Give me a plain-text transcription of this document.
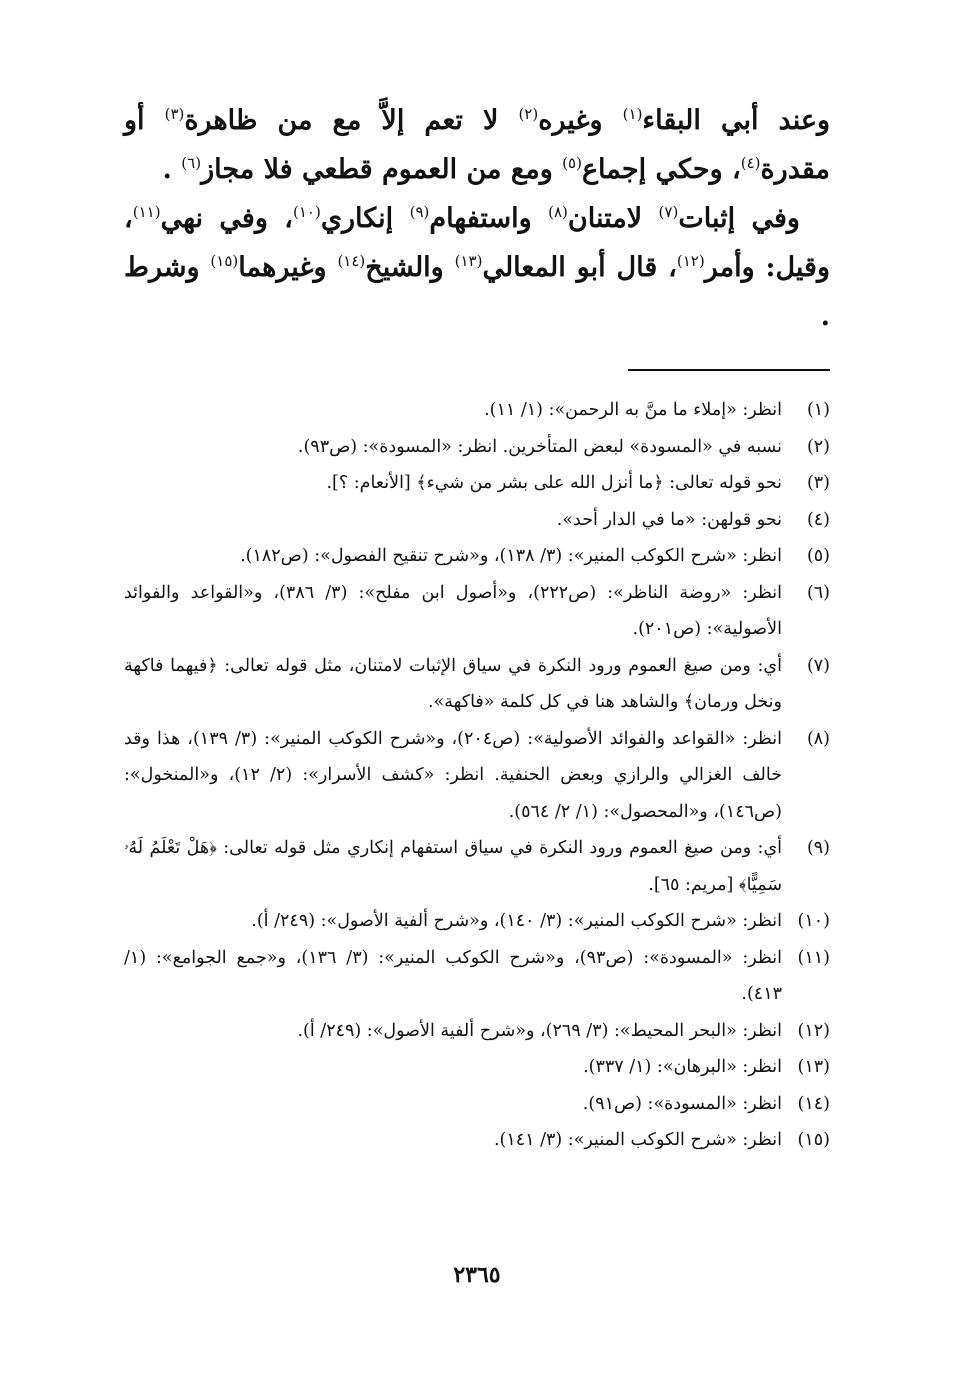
وعند أبي البقاء$^{(١)}$ وغيره$^{(٢)}$ لا تعم إلاَّ مع من ظاهرة$^{(٣)}$ أو مقدرة$^{(٤)}$، وحكي إجماع$^{(٥)}$ ومع من العموم قطعي فلا مجاز$^{(٦)}$ .

وفي إثبات$^{(٧)}$ لامتنان$^{(٨)}$ واستفهام$^{(٩)}$ إنكاري$^{(١٠)}$، وفي نهي$^{(١١)}$، وقيل: وأمر$^{(١٢)}$، قال أبو المعالي$^{(١٣)}$ والشيخ$^{(١٤)}$ وغيرهما$^{(١٥)}$ وشرط .

(١)
انظر: «إملاء ما منَّ به الرحمن»: (١/ ١١).
(٢)
نسبه في «المسودة» لبعض المتأخرين. انظر: «المسودة»: (ص٩٣).
(٣)
نحو قوله تعالى: ﴿ما أنزل الله على بشر من شيء﴾ [الأنعام: ؟].
(٤)
نحو قولهن: «ما في الدار أحد».
(٥)
انظر: «شرح الكوكب المنير»: (٣/ ١٣٨)، و«شرح تنقيح الفصول»: (ص١٨٢).
(٦)
انظر: «روضة الناظر»: (ص٢٢٢)، و«أصول ابن مفلح»: (٣/ ٣٨٦)، و«القواعد والفوائد الأصولية»: (ص٢٠١).
(٧)
أي: ومن صيغ العموم ورود النكرة في سياق الإثبات لامتنان، مثل قوله تعالى: ﴿فيهما فاكهة ونخل ورمان﴾ والشاهد هنا في كل كلمة «فاكهة».
(٨)
انظر: «القواعد والفوائد الأصولية»: (ص٢٠٤)، و«شرح الكوكب المنير»: (٣/ ١٣٩)، هذا وقد خالف الغزالي والرازي وبعض الحنفية. انظر: «كشف الأسرار»: (٢/ ١٢)، و«المنخول»: (ص١٤٦)، و«المحصول»: (١/ ٢/ ٥٦٤).
(٩)
أي: ومن صيغ العموم ورود النكرة في سياق استفهام إنكاري مثل قوله تعالى: ﴿هَلْ تَعْلَمُ لَهُۥ سَمِيًّا﴾ [مريم: ٦٥].
(١٠)
انظر: «شرح الكوكب المنير»: (٣/ ١٤٠)، و«شرح ألفية الأصول»: (٢٤٩/ أ).
(١١)
انظر: «المسودة»: (ص٩٣)، و«شرح الكوكب المنير»: (٣/ ١٣٦)، و«جمع الجوامع»: (١/ ٤١٣).
(١٢)
انظر: «البحر المحيط»: (٣/ ٢٦٩)، و«شرح ألفية الأصول»: (٢٤٩/ أ).
(١٣)
انظر: «البرهان»: (١/ ٣٣٧).
(١٤)
انظر: «المسودة»: (ص٩١).
(١٥)
انظر: «شرح الكوكب المنير»: (٣/ ١٤١).
٢٣٦٥
